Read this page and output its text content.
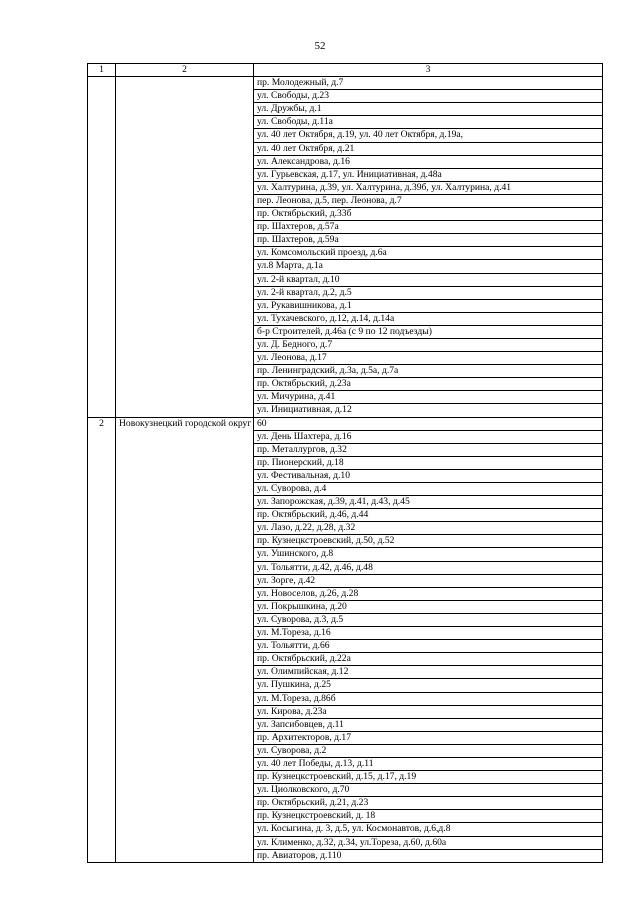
52
1	2	3
		пр. Молодежный, д.7
		ул. Свободы, д.23
		ул. Дружбы, д.1
		ул. Свободы, д.11а
		ул. 40 лет Октября, д.19, ул. 40 лет Октября, д.19а,
		ул. 40 лет Октября, д.21
		ул. Александрова, д.16
		ул. Гурьевская, д.17, ул. Инициативная, д.48а
		ул. Халтурина, д.39, ул. Халтурина, д.39б, ул. Халтурина, д.41
		пер. Леонова, д.5, пер. Леонова, д.7
		пр. Октябрьский, д.33б
		пр. Шахтеров, д.57а
		пр. Шахтеров, д.59а
		ул. Комсомольский проезд, д.6а
		ул.8 Марта, д.1а
		ул. 2-й квартал, д.10
		ул. 2-й квартал, д.2, д.5
		ул. Рукавишникова, д.1
		ул. Тухачевского, д.12, д.14, д.14а
		б-р Строителей, д.46а (с 9 по 12 подъезды)
		ул. Д. Бедного, д.7
		ул. Леонова, д.17
		пр. Ленинградский, д.3а, д.5а, д.7а
		пр. Октябрьский, д.23а
		ул. Мичурина, д.41
		ул. Инициативная, д.12
2	Новокузнецкий городской округ	60
		ул. День Шахтера, д.16
		пр. Металлургов, д.32
		пр. Пионерский, д.18
		ул. Фестивальная, д.10
		ул. Суворова, д.4
		ул. Запорожская, д.39, д.41, д.43, д.45
		пр. Октябрьский, д.46, д.44
		ул. Лазо, д.22, д.28, д.32
		пр. Кузнецкстроевский, д.50, д.52
		ул. Ушинского, д.8
		ул. Тольятти, д.42, д.46, д.48
		ул. Зорге, д.42
		ул. Новоселов, д.26, д.28
		ул. Покрышкина, д.20
		ул. Суворова, д.3, д.5
		ул. М.Тореза, д.16
		ул. Тольятти, д.66
		пр. Октябрьский, д.22а
		ул. Олимпийская, д.12
		ул. Пушкина, д.25
		ул. М.Тореза, д.86б
		ул. Кирова, д.23а
		ул. Запсибовцев, д.11
		пр. Архитекторов, д.17
		ул. Суворова, д.2
		ул. 40 лет Победы, д.13, д.11
		пр. Кузнецкстроевский, д.15, д.17, д.19
		ул. Циолковского, д.70
		пр. Октябрьский, д.21, д.23
		пр. Кузнецкстроевский, д. 18
		ул. Косыгина, д. 3, д.5, ул. Космонавтов, д.6,д.8
		ул. Клименко, д.32, д.34, ул.Тореза, д.60, д.60а
		пр. Авиаторов, д.110
